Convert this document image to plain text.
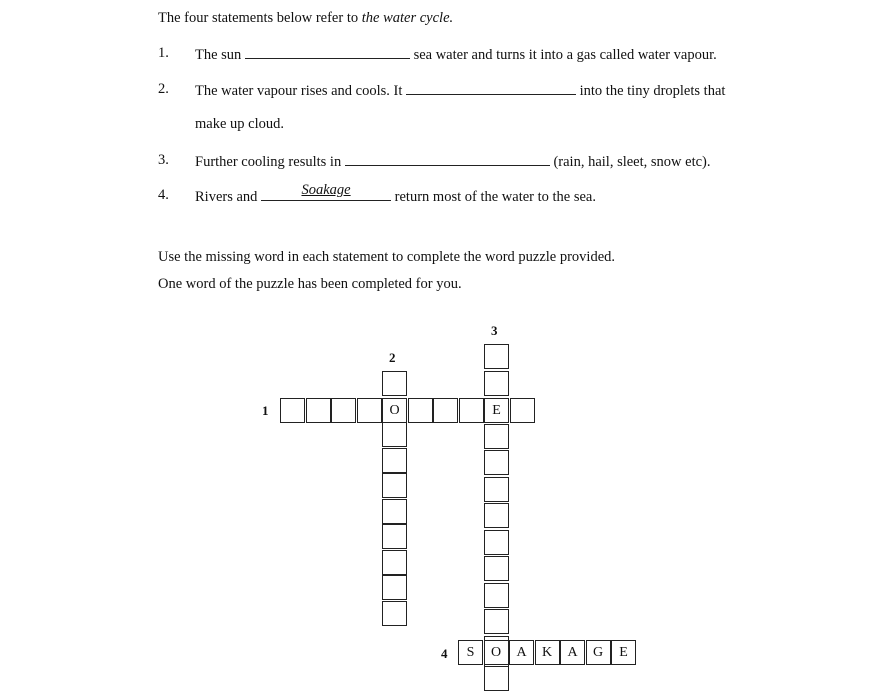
The four statements below refer to the water cycle.
1. The sun	sea water and turns it into a gas called water vapour.
2. The water vapour rises and cools. It	into the tiny droplets that
make up cloud.
3. Further cooling results in	(rain, hail, sleet, snow etc).
4. Rivers and	Soakage	return most of the water to the sea.
Use the missing word in each statement to complete the word puzzle provided.
One word of the puzzle has been completed for you.
O	E
1
2
3
S	O	A	K	A	G	E
4
